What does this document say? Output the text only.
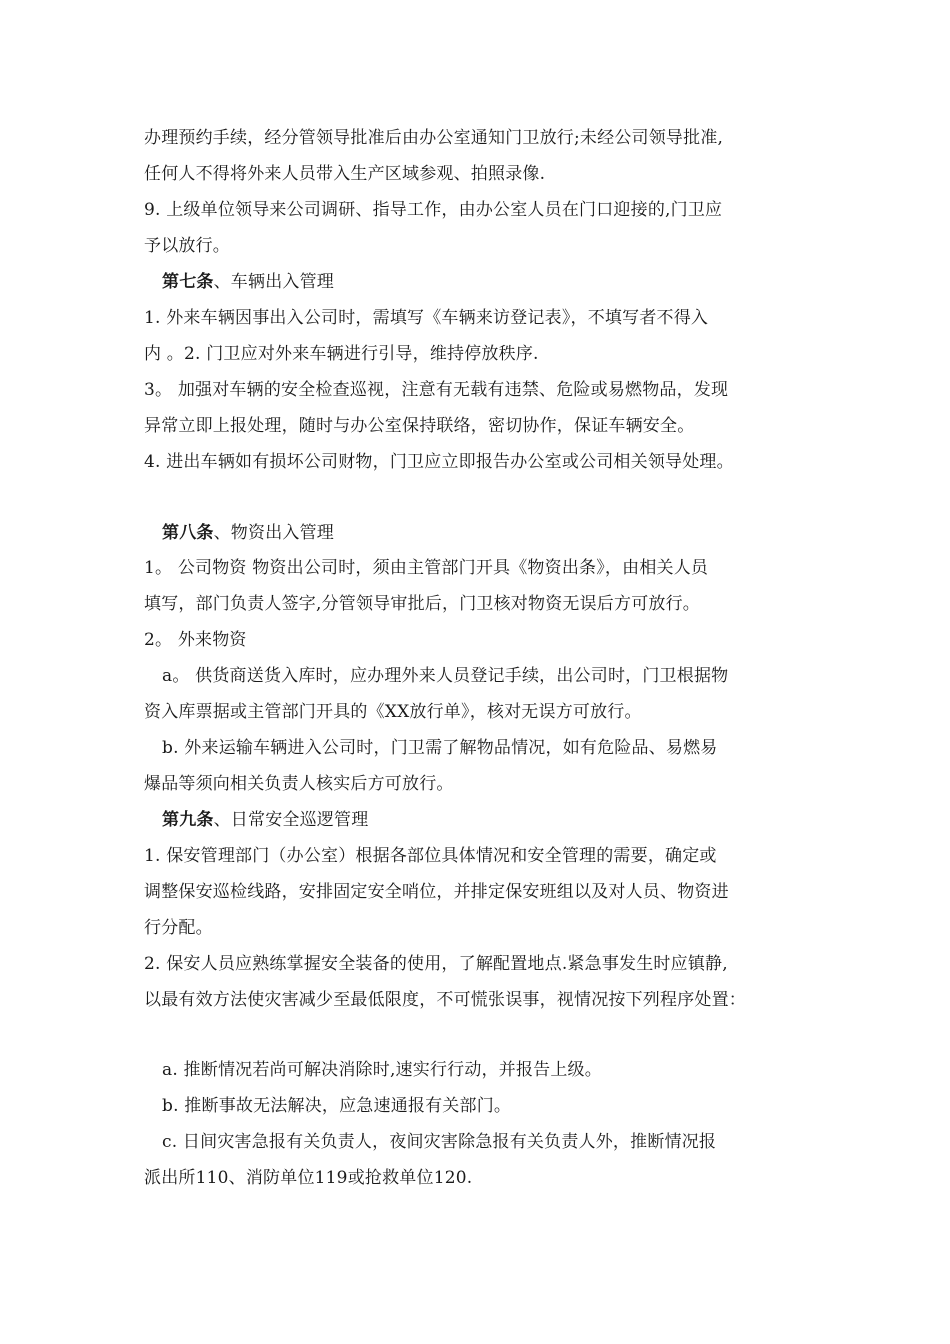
办理预约手续，经分管领导批准后由办公室通知门卫放行;未经公司领导批准,
任何人不得将外来人员带入生产区域参观、拍照录像.
9. 上级单位领导来公司调研、指导工作，由办公室人员在门口迎接的,门卫应
予以放行。
第七条、车辆出入管理
1. 外来车辆因事出入公司时，需填写《车辆来访登记表》，不填写者不得入
内 。2. 门卫应对外来车辆进行引导，维持停放秩序.
3。 加强对车辆的安全检查巡视，注意有无载有违禁、危险或易燃物品，发现
异常立即上报处理，随时与办公室保持联络，密切协作，保证车辆安全。
4. 进出车辆如有损坏公司财物，门卫应立即报告办公室或公司相关领导处理。
第八条、物资出入管理
1。 公司物资 物资出公司时，须由主管部门开具《物资出条》，由相关人员
填写，部门负责人签字,分管领导审批后，门卫核对物资无误后方可放行。
2。 外来物资
a。 供货商送货入库时，应办理外来人员登记手续，出公司时，门卫根据物
资入库票据或主管部门开具的《XX放行单》，核对无误方可放行。
b. 外来运输车辆进入公司时，门卫需了解物品情况，如有危险品、易燃易
爆品等须向相关负责人核实后方可放行。
第九条、日常安全巡逻管理
1. 保安管理部门（办公室）根据各部位具体情况和安全管理的需要，确定或
调整保安巡检线路，安排固定安全哨位，并排定保安班组以及对人员、物资进
行分配。
2. 保安人员应熟练掌握安全装备的使用，了解配置地点.紧急事发生时应镇静,
以最有效方法使灾害减少至最低限度，不可慌张误事，视情况按下列程序处置：
a. 推断情况若尚可解决消除时,速实行行动，并报告上级。
b. 推断事故无法解决，应急速通报有关部门。
c. 日间灾害急报有关负责人，夜间灾害除急报有关负责人外，推断情况报
派出所110、消防单位119或抢救单位120.
